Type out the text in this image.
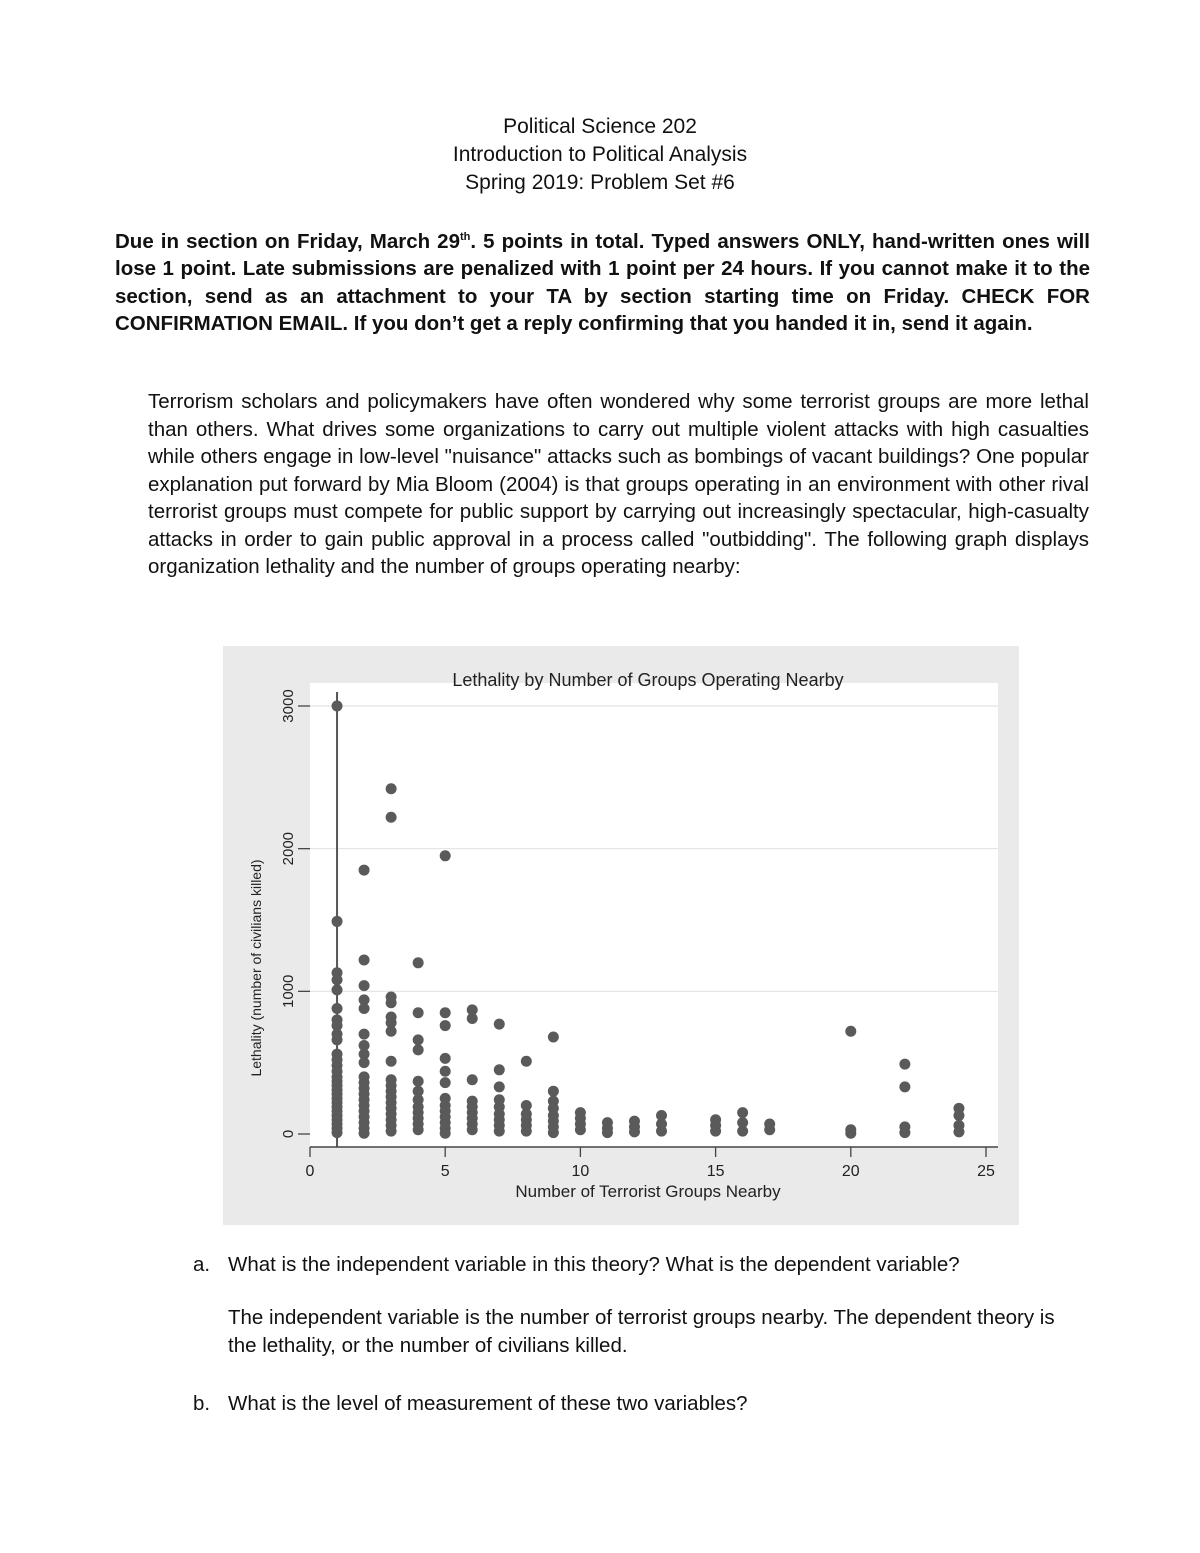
Political Science 202
Introduction to Political Analysis
Spring 2019: Problem Set #6
Due in section on Friday, March 29th. 5 points in total. Typed answers ONLY, hand-written ones will lose 1 point. Late submissions are penalized with 1 point per 24 hours. If you cannot make it to the section, send as an attachment to your TA by section starting time on Friday. CHECK FOR CONFIRMATION EMAIL. If you don’t get a reply confirming that you handed it in, send it again.
Terrorism scholars and policymakers have often wondered why some terrorist groups are more lethal than others. What drives some organizations to carry out multiple violent attacks with high casualties while others engage in low-level "nuisance" attacks such as bombings of vacant buildings? One popular explanation put forward by Mia Bloom (2004) is that groups operating in an environment with other rival terrorist groups must compete for public support by carrying out increasingly spectacular, high-casualty attacks in order to gain public approval in a process called "outbidding". The following graph displays organization lethality and the number of groups operating nearby:
0	5	10	15	20	25
0
1000
2000
3000
Lethality by Number of Groups Operating Nearby
Number of Terrorist Groups Nearby
Lethality (number of civilians killed)
a. What is the independent variable in this theory? What is the dependent variable?
The independent variable is the number of terrorist groups nearby. The dependent theory is the lethality, or the number of civilians killed.
b. What is the level of measurement of these two variables?
